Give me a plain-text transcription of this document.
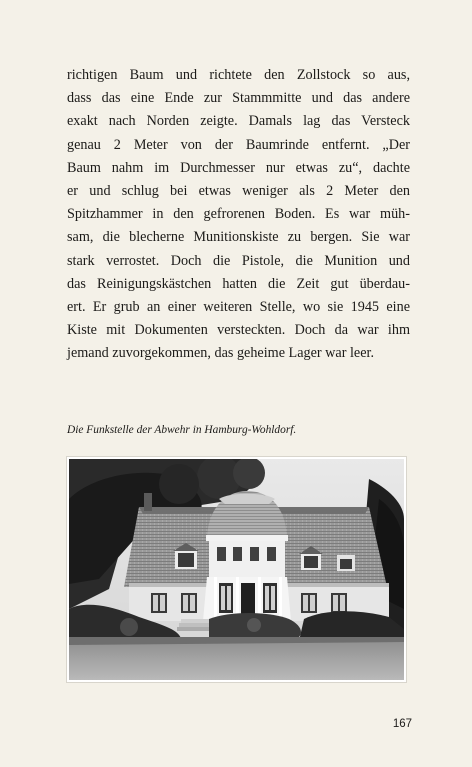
richtigen Baum und richtete den Zollstock so aus,
dass das eine Ende zur Stammmitte und das andere
exakt nach Norden zeigte. Damals lag das Versteck
genau 2 Meter von der Baumrinde entfernt. „Der
Baum nahm im Durchmesser nur etwas zu“, dachte
er und schlug bei etwas weniger als 2 Meter den
Spitzhammer in den gefrorenen Boden. Es war müh-
sam, die blecherne Munitionskiste zu bergen. Sie war
stark verrostet. Doch die Pistole, die Munition und
das Reinigungskästchen hatten die Zeit gut überdau-
ert. Er grub an einer weiteren Stelle, wo sie 1945 eine
Kiste mit Dokumenten versteckten. Doch da war ihm
jemand zuvorgekommen, das geheime Lager war leer.
Die Funkstelle der Abwehr in Hamburg-Wohldorf.
167
